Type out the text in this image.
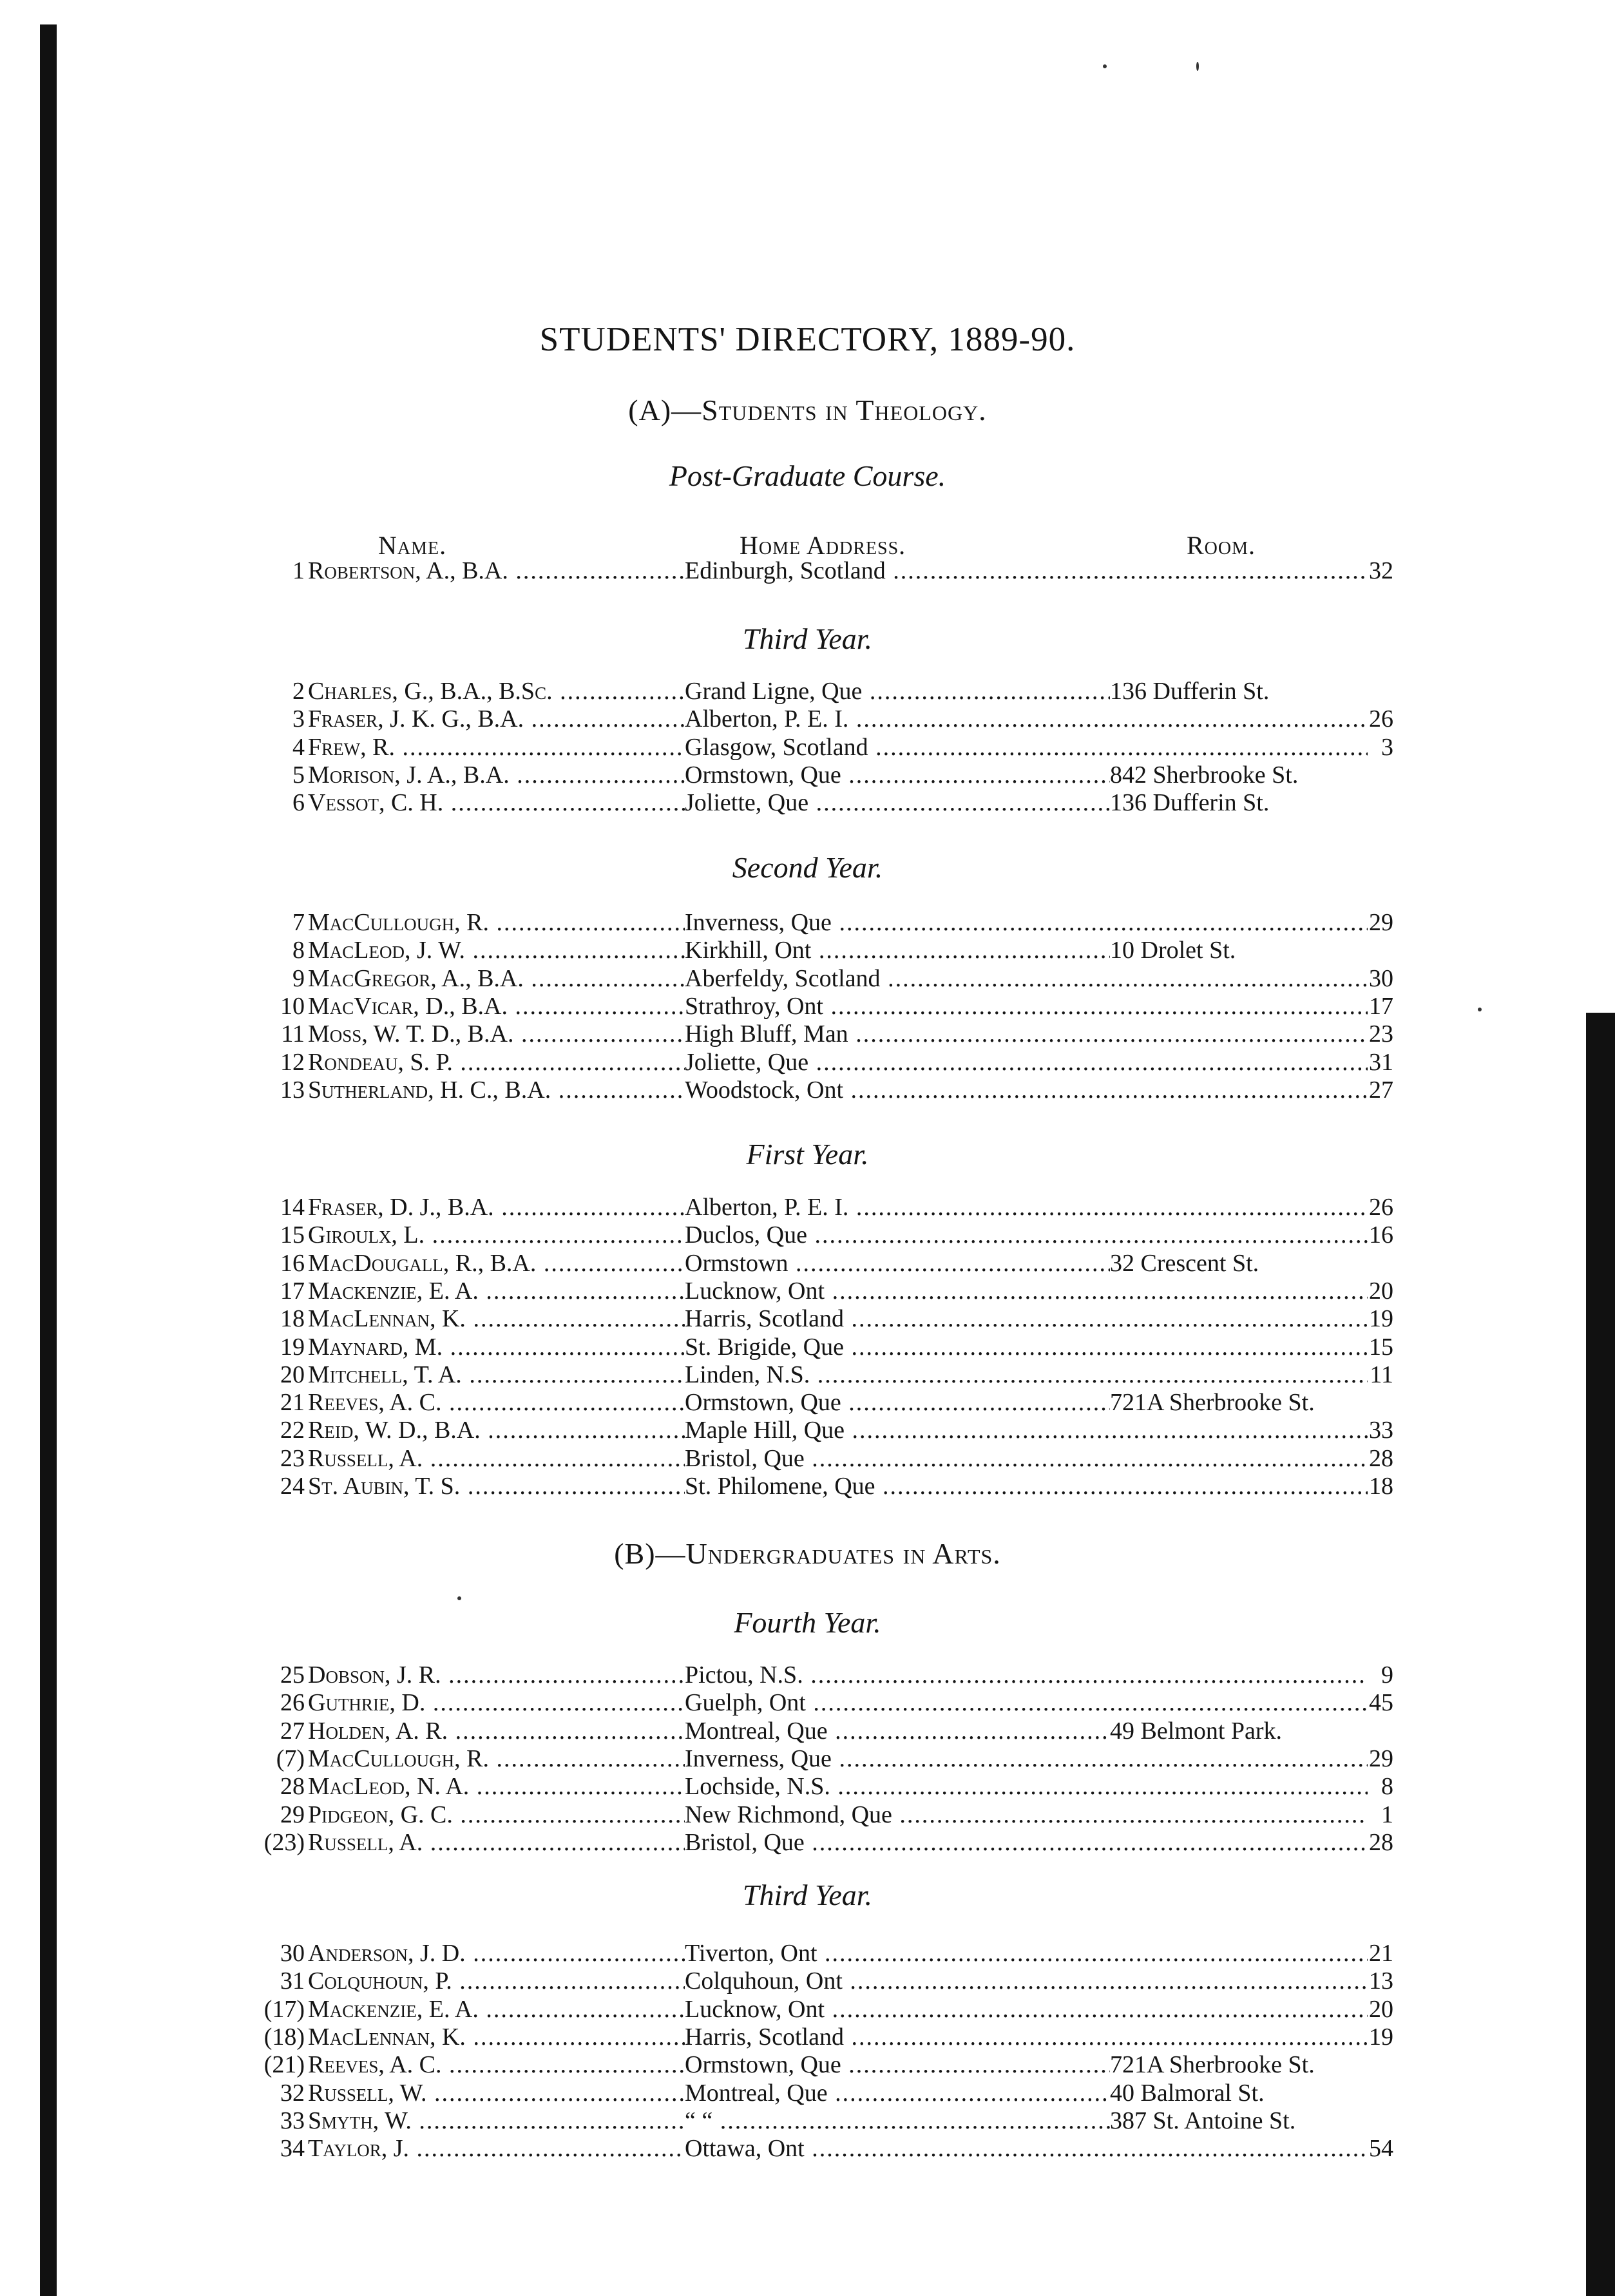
STUDENTS' DIRECTORY, 1889-90.
Name.	Home Address.	Room.
(A)—Students in Theology.
Post-Graduate Course.
1 Robertson, A., B.A. .....	Edinburgh, Scotland .....	32
Third Year.
2 Charles, G., B.A., B.Sc. .....	Grand Ligne, Que .....	136 Dufferin St.
3 Fraser, J. K. G., B.A. .....	Alberton, P. E. I. .....	26
4 Frew, R. .....	Glasgow, Scotland .....	3
5 Morison, J. A., B.A. .....	Ormstown, Que .....	842 Sherbrooke St.
6 Vessot, C. H. .....	Joliette, Que .....	136 Dufferin St.
Second Year.
7 MacCullough, R. .....	Inverness, Que .....	29
8 MacLeod, J. W. .....	Kirkhill, Ont .....	10 Drolet St.
9 MacGregor, A., B.A. .....	Aberfeldy, Scotland .....	30
10 MacVicar, D., B.A. .....	Strathroy, Ont .....	17
11 Moss, W. T. D., B.A. .....	High Bluff, Man .....	23
12 Rondeau, S. P. .....	Joliette, Que .....	31
13 Sutherland, H. C., B.A. .....	Woodstock, Ont .....	27
First Year.
14 Fraser, D. J., B.A. .....	Alberton, P. E. I. .....	26
15 Giroulx, L. .....	Duclos, Que .....	16
16 MacDougall, R., B.A. .....	Ormstown .....	32 Crescent St.
17 Mackenzie, E. A. .....	Lucknow, Ont .....	20
18 MacLennan, K. .....	Harris, Scotland .....	19
19 Maynard, M. .....	St. Brigide, Que .....	15
20 Mitchell, T. A. .....	Linden, N.S. .....	11
21 Reeves, A. C. .....	Ormstown, Que .....	721A Sherbrooke St.
22 Reid, W. D., B.A. .....	Maple Hill, Que .....	33
23 Russell, A. .....	Bristol, Que .....	28
24 St. Aubin, T. S. .....	St. Philomene, Que .....	18
(B)—Undergraduates in Arts.
Fourth Year.
25 Dobson, J. R. .....	Pictou, N.S. .....	9
26 Guthrie, D. .....	Guelph, Ont .....	45
27 Holden, A. R. .....	Montreal, Que .....	49 Belmont Park.
(7) MacCullough, R. .....	Inverness, Que .....	29
28 MacLeod, N. A. .....	Lochside, N.S. .....	8
29 Pidgeon, G. C. .....	New Richmond, Que .....	1
(23) Russell, A. .....	Bristol, Que .....	28
Third Year.
30 Anderson, J. D. .....	Tiverton, Ont .....	21
31 Colquhoun, P. .....	Colquhoun, Ont .....	13
(17) Mackenzie, E. A. .....	Lucknow, Ont .....	20
(18) MacLennan, K. .....	Harris, Scotland .....	19
(21) Reeves, A. C. .....	Ormstown, Que .....	721A Sherbrooke St.
32 Russell, W. .....	Montreal, Que .....	40 Balmoral St.
33 Smyth, W. .....	“ “ .....	387 St. Antoine St.
34 Taylor, J. .....	Ottawa, Ont .....	54
